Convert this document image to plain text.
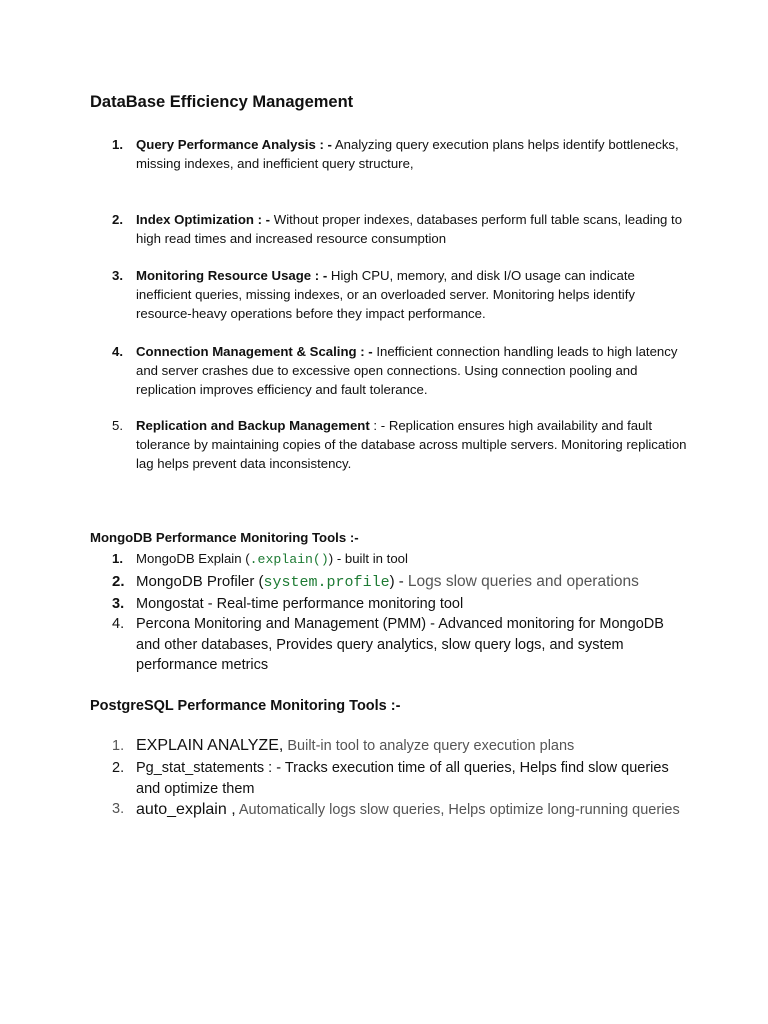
DataBase Efficiency Management
1. Query Performance Analysis : - Analyzing query execution plans helps identify bottlenecks, missing indexes, and inefficient query structure,
2. Index Optimization : - Without proper indexes, databases perform full table scans, leading to high read times and increased resource consumption
3. Monitoring Resource Usage : - High CPU, memory, and disk I/O usage can indicate inefficient queries, missing indexes, or an overloaded server. Monitoring helps identify resource-heavy operations before they impact performance.
4. Connection Management & Scaling : - Inefficient connection handling leads to high latency and server crashes due to excessive open connections. Using connection pooling and replication improves efficiency and fault tolerance.
5. Replication and Backup Management : - Replication ensures high availability and fault tolerance by maintaining copies of the database across multiple servers. Monitoring replication lag helps prevent data inconsistency.
MongoDB Performance Monitoring Tools :-
1. MongoDB Explain (.explain()) - built in tool
2. MongoDB Profiler (system.profile) - Logs slow queries and operations
3. Mongostat - Real-time performance monitoring tool
4. Percona Monitoring and Management (PMM) - Advanced monitoring for MongoDB and other databases, Provides query analytics, slow query logs, and system performance metrics
PostgreSQL Performance Monitoring Tools :-
1. EXPLAIN ANALYZE, Built-in tool to analyze query execution plans
2. Pg_stat_statements : - Tracks execution time of all queries, Helps find slow queries and optimize them
3. auto_explain , Automatically logs slow queries, Helps optimize long-running queries
